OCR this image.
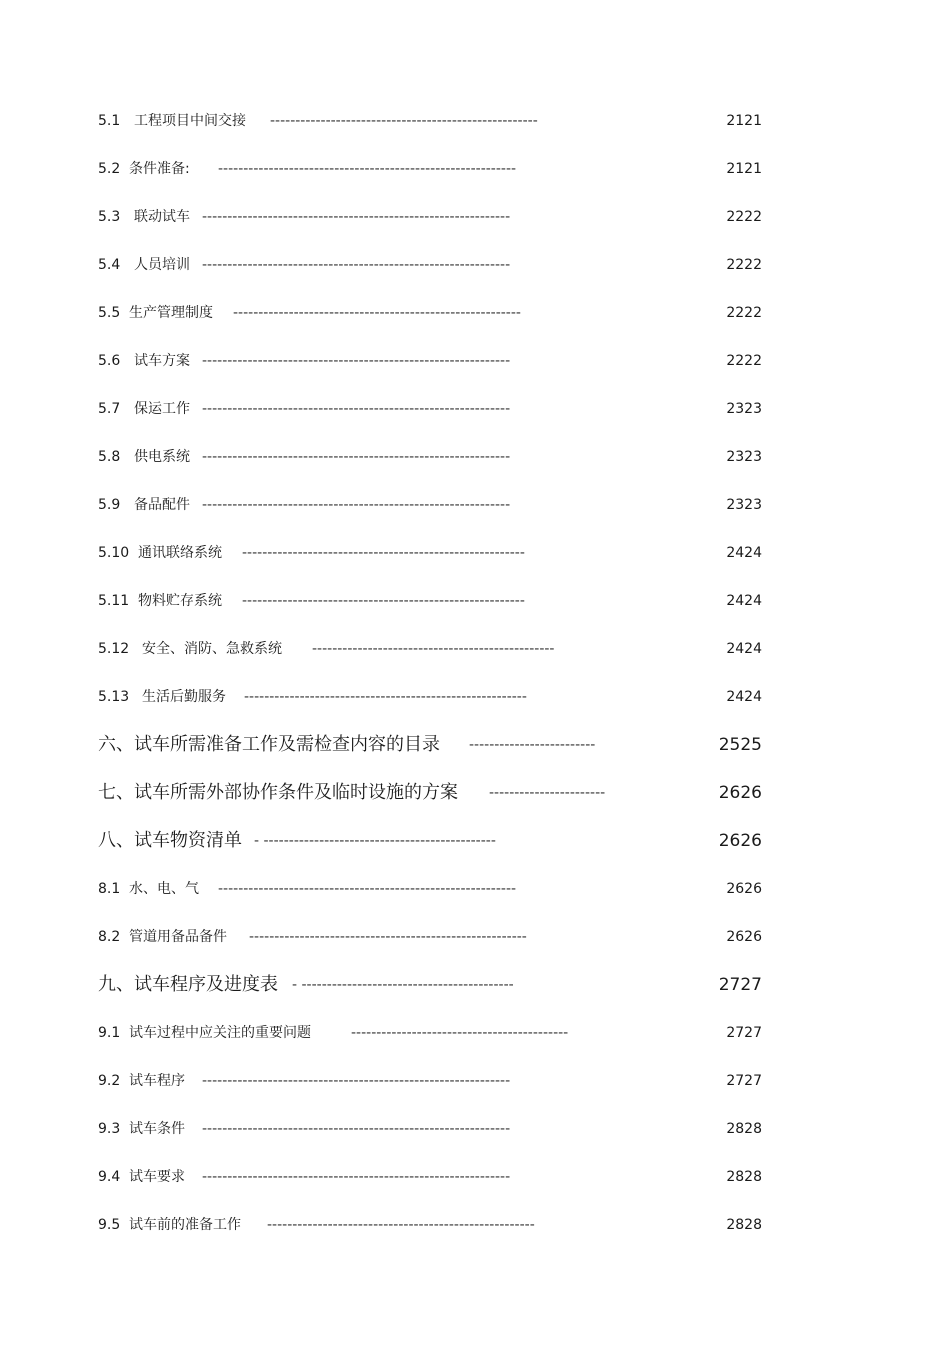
5.1 工程项目中间交接 -----------------------------------------------------	2121
5.2 条件准备: -----------------------------------------------------------	2121
5.3 联动试车 -------------------------------------------------------------	2222
5.4 人员培训 -------------------------------------------------------------	2222
5.5 生产管理制度 ---------------------------------------------------------	2222
5.6 试车方案 -------------------------------------------------------------	2222
5.7 保运工作 -------------------------------------------------------------	2323
5.8 供电系统 -------------------------------------------------------------	2323
5.9 备品配件 -------------------------------------------------------------	2323
5.10 通讯联络系统 --------------------------------------------------------	2424
5.11 物料贮存系统 --------------------------------------------------------	2424
5.12 安全、消防、急救系统 ------------------------------------------------	2424
5.13 生活后勤服务 --------------------------------------------------------	2424
六、 试车所需准备工作及需检查内容的目录 -------------------------	2525
七、 试车所需外部协作条件及临时设施的方案 -----------------------	2626
八、 试车物资清单 - ----------------------------------------------	2626
8.1 水、电、气 -----------------------------------------------------------	2626
8.2 管道用备品备件 -------------------------------------------------------	2626
九、 试车程序及进度表 - ------------------------------------------	2727
9.1 试车过程中应关注的重要问题	-------------------------------------------	2727
9.2 试车程序 -------------------------------------------------------------	2727
9.3 试车条件 -------------------------------------------------------------	2828
9.4 试车要求 -------------------------------------------------------------	2828
9.5 试车前的准备工作 -----------------------------------------------------	2828
